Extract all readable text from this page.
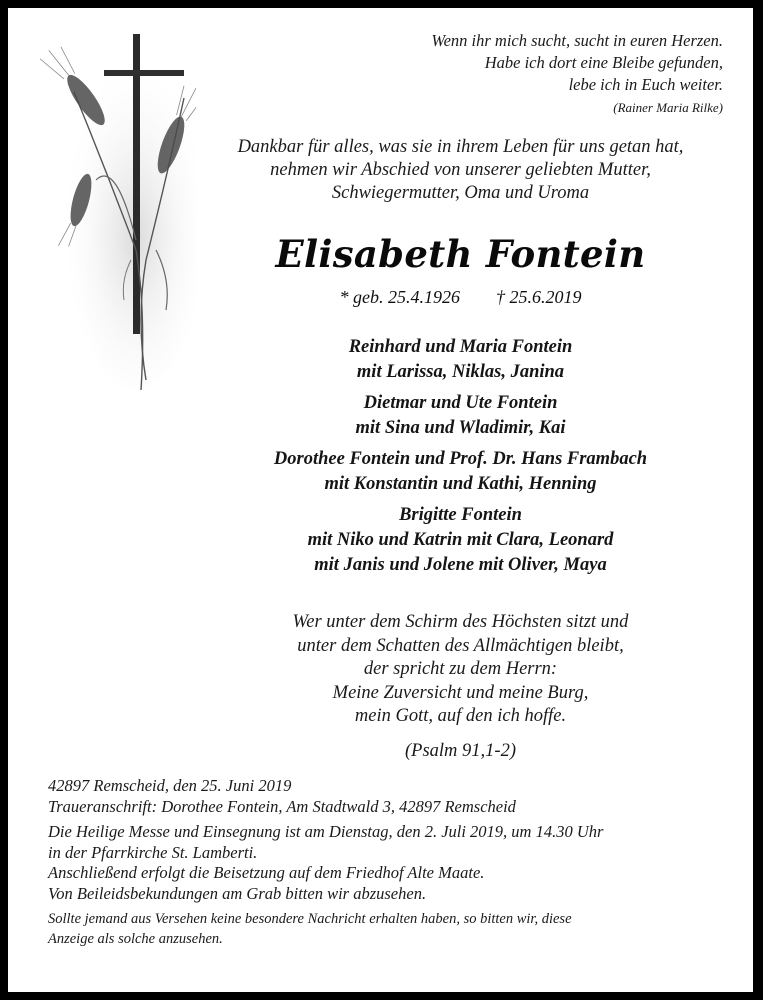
Wenn ihr mich sucht, sucht in euren Herzen.
Habe ich dort eine Bleibe gefunden,
lebe ich in Euch weiter.
(Rainer Maria Rilke)
Dankbar für alles, was sie in ihrem Leben für uns getan hat,
nehmen wir Abschied von unserer geliebten Mutter,
Schwiegermutter, Oma und Uroma
Elisabeth Fontein
* geb. 25.4.1926 † 25.6.2019
Reinhard und Maria Fontein
mit Larissa, Niklas, Janina
Dietmar und Ute Fontein
mit Sina und Wladimir, Kai
Dorothee Fontein und Prof. Dr. Hans Frambach
mit Konstantin und Kathi, Henning
Brigitte Fontein
mit Niko und Katrin mit Clara, Leonard
mit Janis und Jolene mit Oliver, Maya
Wer unter dem Schirm des Höchsten sitzt und
unter dem Schatten des Allmächtigen bleibt,
der spricht zu dem Herrn:
Meine Zuversicht und meine Burg,
mein Gott, auf den ich hoffe.
(Psalm 91,1-2)
42897 Remscheid, den 25. Juni 2019
Traueranschrift: Dorothee Fontein, Am Stadtwald 3, 42897 Remscheid
Die Heilige Messe und Einsegnung ist am Dienstag, den 2. Juli 2019, um 14.30 Uhr
in der Pfarrkirche St. Lamberti.
Anschließend erfolgt die Beisetzung auf dem Friedhof Alte Maate.
Von Beileidsbekundungen am Grab bitten wir abzusehen.
Sollte jemand aus Versehen keine besondere Nachricht erhalten haben, so bitten wir, diese
Anzeige als solche anzusehen.
